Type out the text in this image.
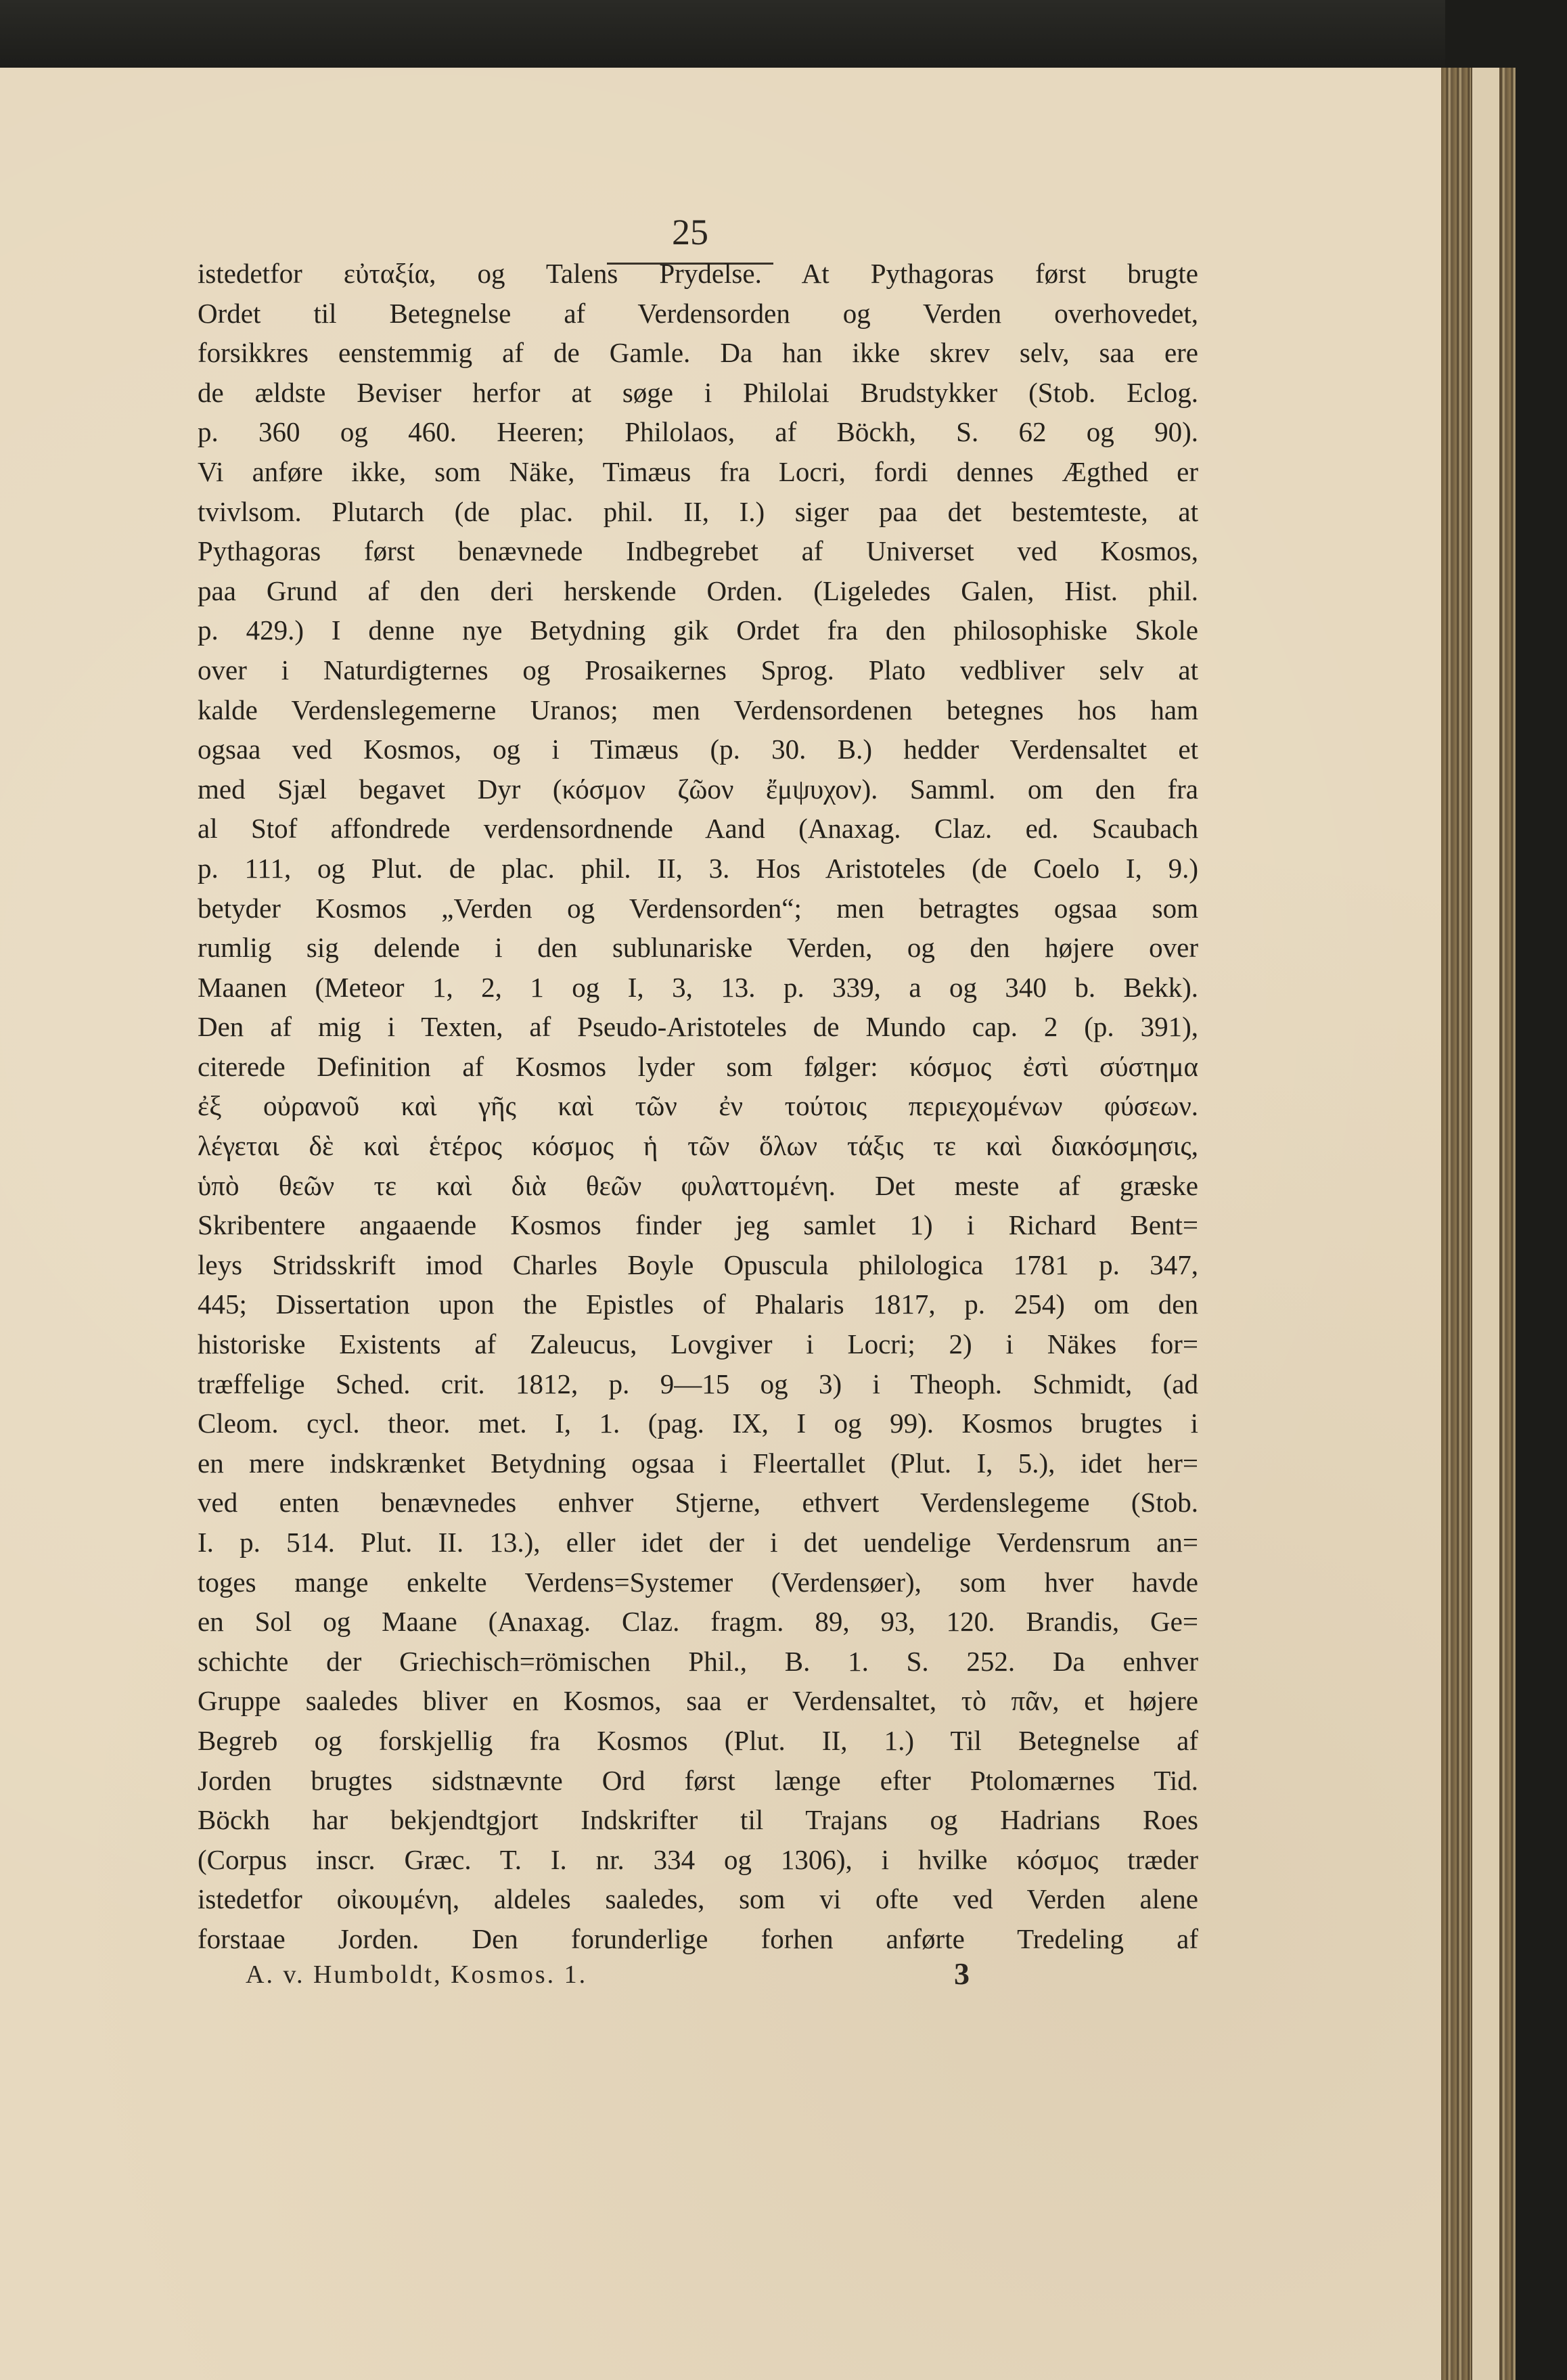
25
istedetfor εὐταξία, og Talens Prydelse. At Pythagoras først brugte
Ordet til Betegnelse af Verdensorden og Verden overhovedet,
forsikkres eenstemmig af de Gamle. Da han ikke skrev selv, saa ere
de ældste Beviser herfor at søge i Philolai Brudstykker (Stob. Eclog.
p. 360 og 460. Heeren; Philolaos, af Böckh, S. 62 og 90).
Vi anføre ikke, som Näke, Timæus fra Locri, fordi dennes Ægthed er
tvivlsom. Plutarch (de plac. phil. II, I.) siger paa det bestemteste, at
Pythagoras først benævnede Indbegrebet af Universet ved Kosmos,
paa Grund af den deri herskende Orden. (Ligeledes Galen, Hist. phil.
p. 429.) I denne nye Betydning gik Ordet fra den philosophiske Skole
over i Naturdigternes og Prosaikernes Sprog. Plato vedbliver selv at
kalde Verdenslegemerne Uranos; men Verdensordenen betegnes hos ham
ogsaa ved Kosmos, og i Timæus (p. 30. B.) hedder Verdensaltet et
med Sjæl begavet Dyr (κόσμον ζῶον ἔμψυχον). Samml. om den fra
al Stof affondrede verdensordnende Aand (Anaxag. Claz. ed. Scaubach
p. 111, og Plut. de plac. phil. II, 3. Hos Aristoteles (de Coelo I, 9.)
betyder Kosmos „Verden og Verdensorden“; men betragtes ogsaa som
rumlig sig delende i den sublunariske Verden, og den højere over
Maanen (Meteor 1, 2, 1 og I, 3, 13. p. 339, a og 340 b. Bekk).
Den af mig i Texten, af Pseudo-Aristoteles de Mundo cap. 2 (p. 391),
citerede Definition af Kosmos lyder som følger: κόσμος ἐστὶ σύστημα
ἐξ οὐρανοῦ καὶ γῆς καὶ τῶν ἐν τούτοις περιεχομένων φύσεων.
λέγεται δὲ καὶ ἑτέρος κόσμος ἡ τῶν ὅλων τάξις τε καὶ διακόσμησις,
ὑπὸ θεῶν τε καὶ διὰ θεῶν φυλαττομένη. Det meste af græske
Skribentere angaaende Kosmos finder jeg samlet 1) i Richard Bent=
leys Stridsskrift imod Charles Boyle Opuscula philologica 1781 p. 347,
445; Dissertation upon the Epistles of Phalaris 1817, p. 254) om den
historiske Existents af Zaleucus, Lovgiver i Locri; 2) i Näkes for=
træffelige Sched. crit. 1812, p. 9—15 og 3) i Theoph. Schmidt, (ad
Cleom. cycl. theor. met. I, 1. (pag. IX, I og 99). Kosmos brugtes i
en mere indskrænket Betydning ogsaa i Fleertallet (Plut. I, 5.), idet her=
ved enten benævnedes enhver Stjerne, ethvert Verdenslegeme (Stob.
I. p. 514. Plut. II. 13.), eller idet der i det uendelige Verdensrum an=
toges mange enkelte Verdens=Systemer (Verdensøer), som hver havde
en Sol og Maane (Anaxag. Claz. fragm. 89, 93, 120. Brandis, Ge=
schichte der Griechisch=römischen Phil., B. 1. S. 252. Da enhver
Gruppe saaledes bliver en Kosmos, saa er Verdensaltet, τὸ πᾶν, et højere
Begreb og forskjellig fra Kosmos (Plut. II, 1.) Til Betegnelse af
Jorden brugtes sidstnævnte Ord først længe efter Ptolomærnes Tid.
Böckh har bekjendtgjort Indskrifter til Trajans og Hadrians Roes
(Corpus inscr. Græc. T. I. nr. 334 og 1306), i hvilke κόσμος træder
istedetfor οἰκουμένη, aldeles saaledes, som vi ofte ved Verden alene
forstaae Jorden. Den forunderlige forhen anførte Tredeling af
A. v. Humboldt, Kosmos. 1.	3
